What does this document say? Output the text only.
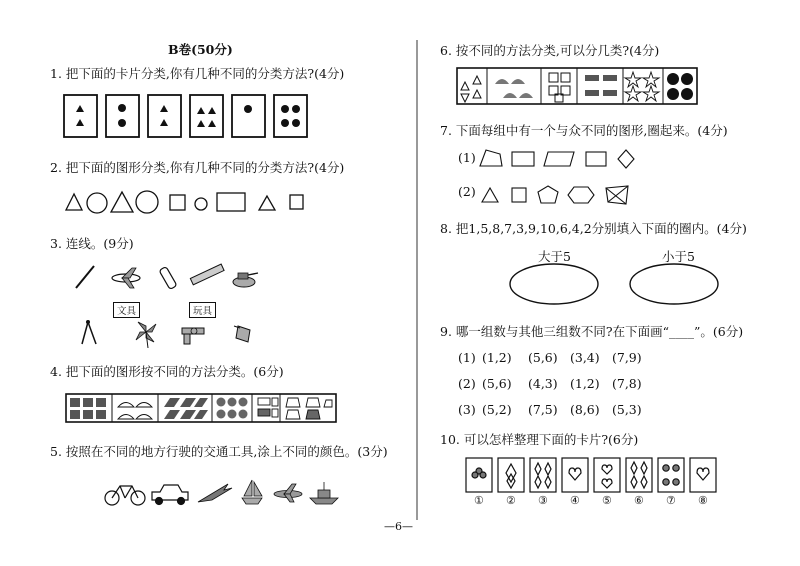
B卷(50分)
1. 把下面的卡片分类,你有几种不同的分类方法?(4分)
2. 把下面的图形分类,你有几种不同的分类方法?(4分)
3. 连线。(9分)
文具	玩具
4. 把下面的图形按不同的方法分类。(6分)
5. 按照在不同的地方行驶的交通工具,涂上不同的颜色。(3分)
6. 按不同的方法分类,可以分几类?(4分)
7. 下面每组中有一个与众不同的图形,圈起来。(4分)
(1)
(2)
8. 把1,5,8,7,3,9,10,6,4,2分别填入下面的圈内。(4分)
大于5	小于5
9. 哪一组数与其他三组数不同?在下面画“____”。(6分)
(1) (1,2) (5,6) (3,4) (7,9)
(2) (5,6) (4,3) (1,2) (7,8)
(3) (5,2) (7,5) (8,6) (5,3)
10. 可以怎样整理下面的卡片?(6分)
① ② ③ ④ ⑤ ⑥ ⑦ ⑧
—6—
